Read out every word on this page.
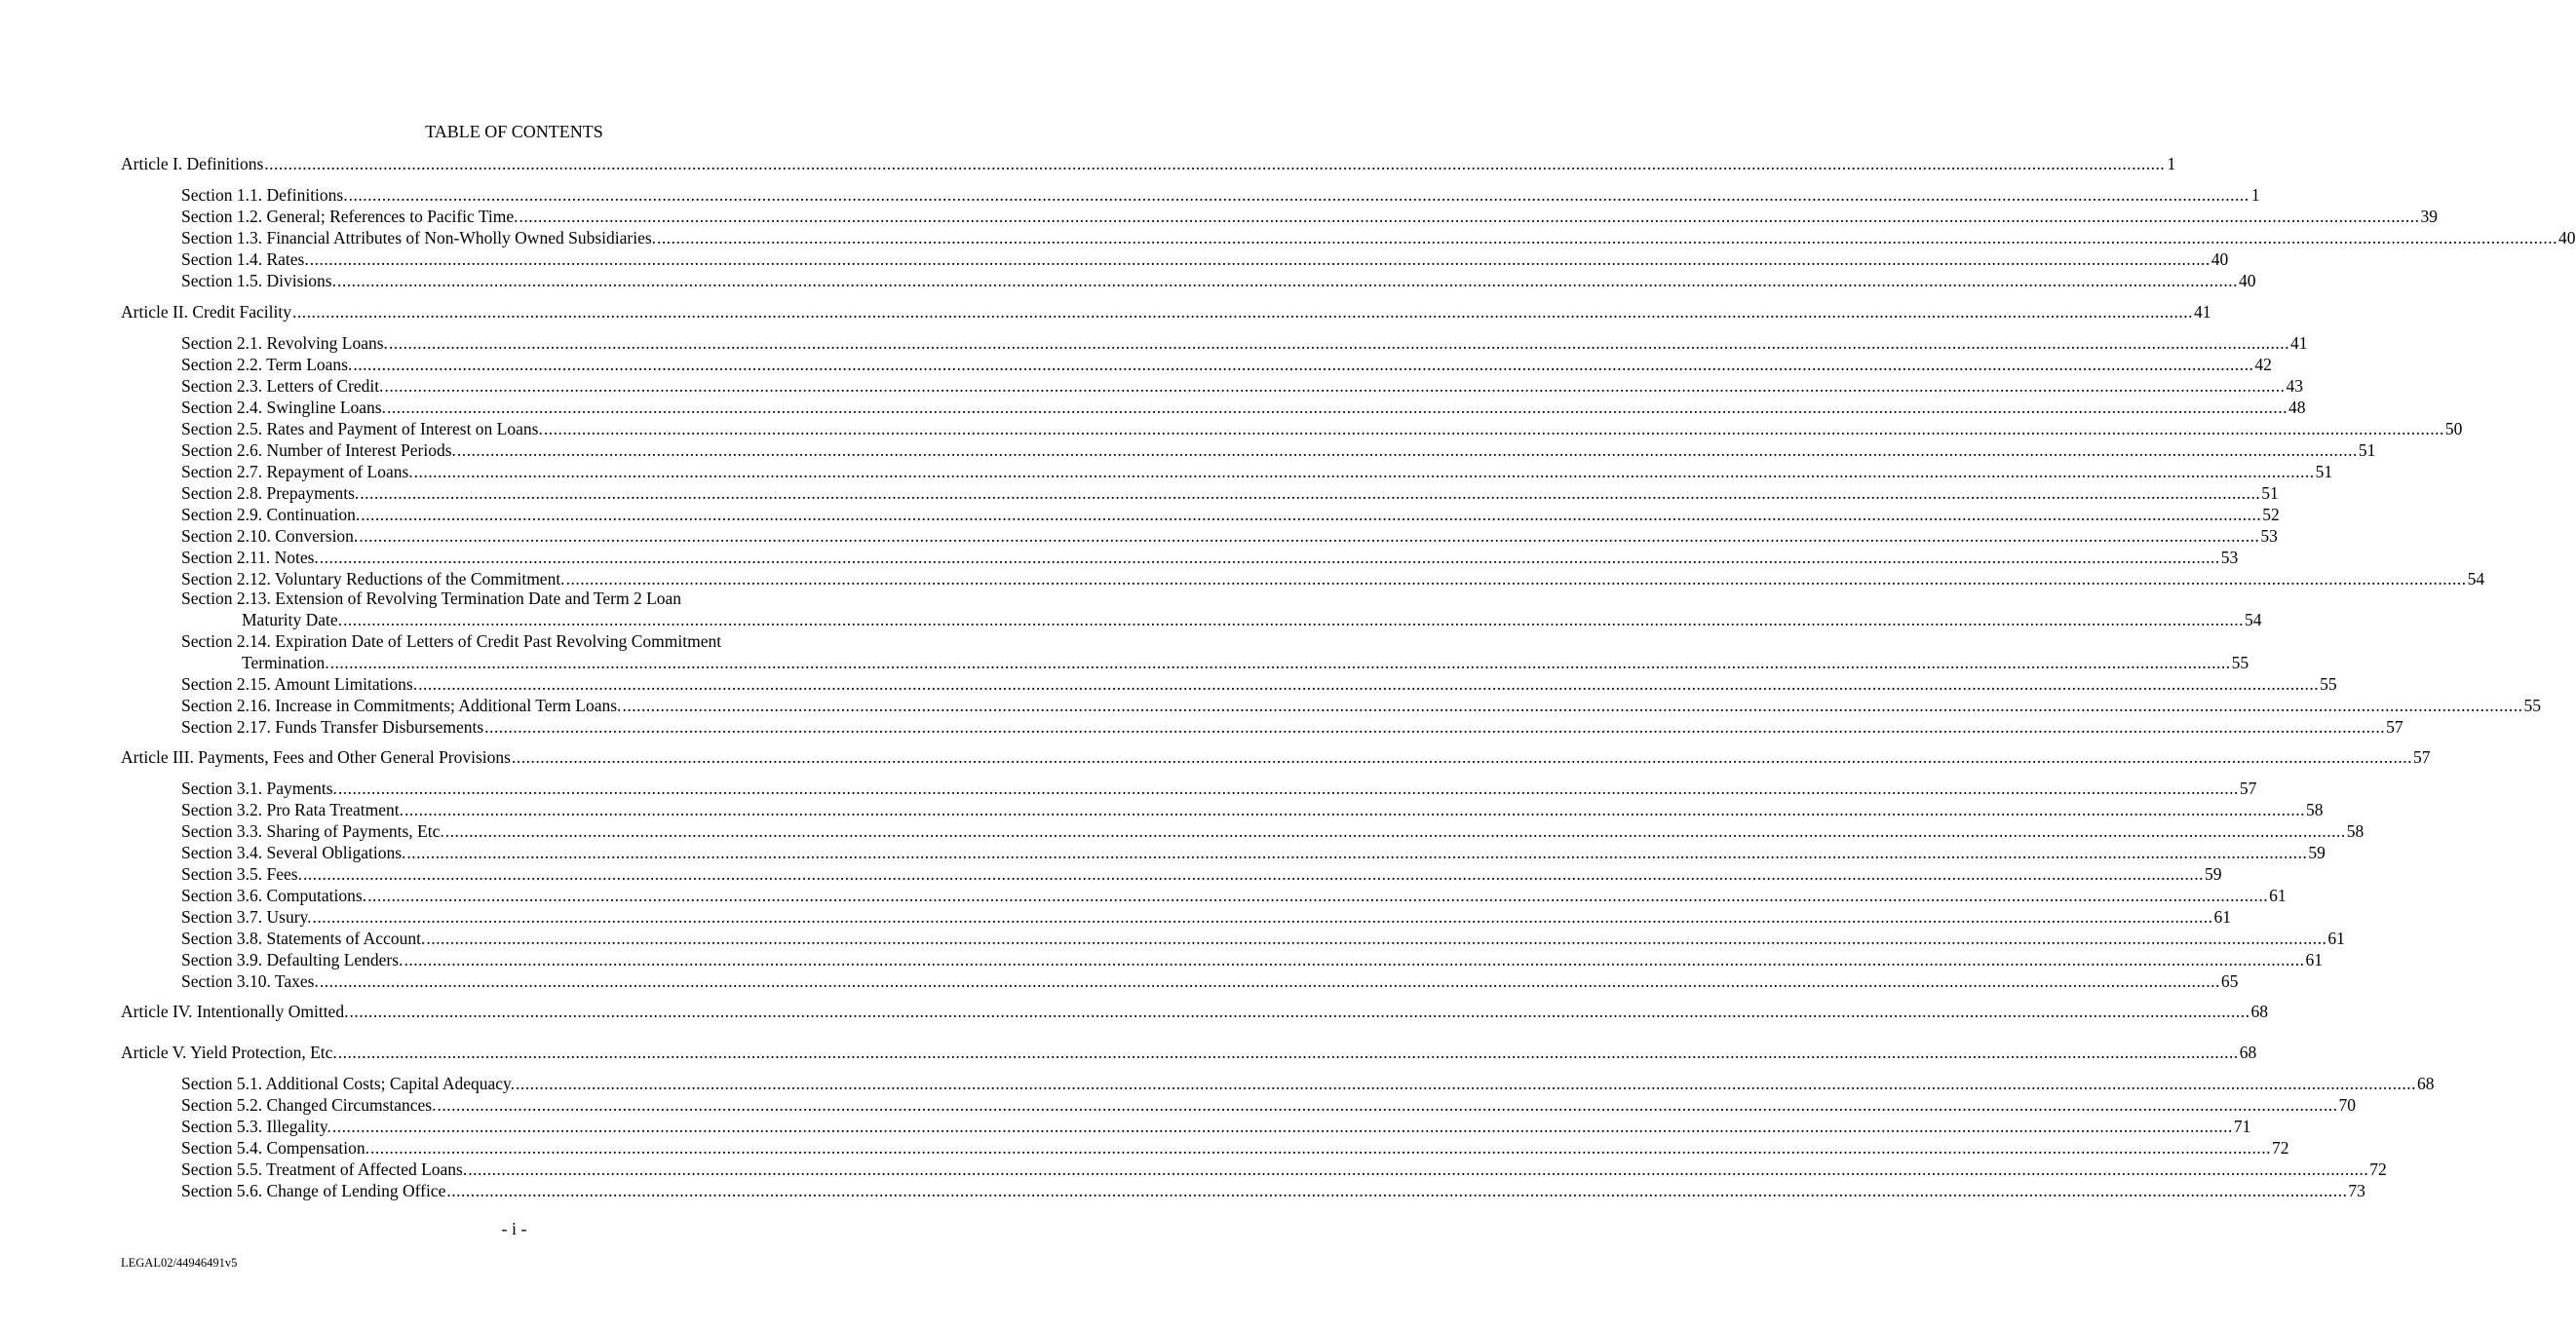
TABLE OF CONTENTS
Article I. Definitions ................................................................................................................................................................................................................................................................................................................................................................................................................ 1
Section 1.1. Definitions. ................................................................................................................................................................................................................................................................................................................................................................................................................ 1
Section 1.2. General; References to Pacific Time. ................................................................................................................................................................................................................................................................................................................................................................................................................ 39
Section 1.3. Financial Attributes of Non-Wholly Owned Subsidiaries. ................................................................................................................................................................................................................................................................................................................................................................................................................ 40
Section 1.4. Rates. ................................................................................................................................................................................................................................................................................................................................................................................................................ 40
Section 1.5. Divisions. ................................................................................................................................................................................................................................................................................................................................................................................................................ 40
Article II. Credit Facility ................................................................................................................................................................................................................................................................................................................................................................................................................ 41
Section 2.1. Revolving Loans. ................................................................................................................................................................................................................................................................................................................................................................................................................ 41
Section 2.2. Term Loans. ................................................................................................................................................................................................................................................................................................................................................................................................................ 42
Section 2.3. Letters of Credit. ................................................................................................................................................................................................................................................................................................................................................................................................................ 43
Section 2.4. Swingline Loans. ................................................................................................................................................................................................................................................................................................................................................................................................................ 48
Section 2.5. Rates and Payment of Interest on Loans. ................................................................................................................................................................................................................................................................................................................................................................................................................ 50
Section 2.6. Number of Interest Periods. ................................................................................................................................................................................................................................................................................................................................................................................................................ 51
Section 2.7. Repayment of Loans. ................................................................................................................................................................................................................................................................................................................................................................................................................ 51
Section 2.8. Prepayments. ................................................................................................................................................................................................................................................................................................................................................................................................................ 51
Section 2.9. Continuation. ................................................................................................................................................................................................................................................................................................................................................................................................................ 52
Section 2.10. Conversion. ................................................................................................................................................................................................................................................................................................................................................................................................................ 53
Section 2.11. Notes. ................................................................................................................................................................................................................................................................................................................................................................................................................ 53
Section 2.12. Voluntary Reductions of the Commitment. ................................................................................................................................................................................................................................................................................................................................................................................................................ 54
Section 2.13. Extension of Revolving Termination Date and Term 2 Loan
Maturity Date. ................................................................................................................................................................................................................................................................................................................................................................................................................ 54
Section 2.14. Expiration Date of Letters of Credit Past Revolving Commitment
Termination. ................................................................................................................................................................................................................................................................................................................................................................................................................ 55
Section 2.15. Amount Limitations. ................................................................................................................................................................................................................................................................................................................................................................................................................ 55
Section 2.16. Increase in Commitments; Additional Term Loans. ................................................................................................................................................................................................................................................................................................................................................................................................................ 55
Section 2.17. Funds Transfer Disbursements ................................................................................................................................................................................................................................................................................................................................................................................................................ 57
Article III. Payments, Fees and Other General Provisions ................................................................................................................................................................................................................................................................................................................................................................................................................ 57
Section 3.1. Payments. ................................................................................................................................................................................................................................................................................................................................................................................................................ 57
Section 3.2. Pro Rata Treatment. ................................................................................................................................................................................................................................................................................................................................................................................................................ 58
Section 3.3. Sharing of Payments, Etc. ................................................................................................................................................................................................................................................................................................................................................................................................................ 58
Section 3.4. Several Obligations. ................................................................................................................................................................................................................................................................................................................................................................................................................ 59
Section 3.5. Fees. ................................................................................................................................................................................................................................................................................................................................................................................................................ 59
Section 3.6. Computations. ................................................................................................................................................................................................................................................................................................................................................................................................................ 61
Section 3.7. Usury. ................................................................................................................................................................................................................................................................................................................................................................................................................ 61
Section 3.8. Statements of Account. ................................................................................................................................................................................................................................................................................................................................................................................................................ 61
Section 3.9. Defaulting Lenders. ................................................................................................................................................................................................................................................................................................................................................................................................................ 61
Section 3.10. Taxes. ................................................................................................................................................................................................................................................................................................................................................................................................................ 65
Article IV. Intentionally Omitted. ................................................................................................................................................................................................................................................................................................................................................................................................................ 68
Article V. Yield Protection, Etc. ................................................................................................................................................................................................................................................................................................................................................................................................................ 68
Section 5.1. Additional Costs; Capital Adequacy. ................................................................................................................................................................................................................................................................................................................................................................................................................ 68
Section 5.2. Changed Circumstances. ................................................................................................................................................................................................................................................................................................................................................................................................................ 70
Section 5.3. Illegality. ................................................................................................................................................................................................................................................................................................................................................................................................................ 71
Section 5.4. Compensation. ................................................................................................................................................................................................................................................................................................................................................................................................................ 72
Section 5.5. Treatment of Affected Loans. ................................................................................................................................................................................................................................................................................................................................................................................................................ 72
Section 5.6. Change of Lending Office ................................................................................................................................................................................................................................................................................................................................................................................................................ 73
- i -
LEGAL02/44946491v5
